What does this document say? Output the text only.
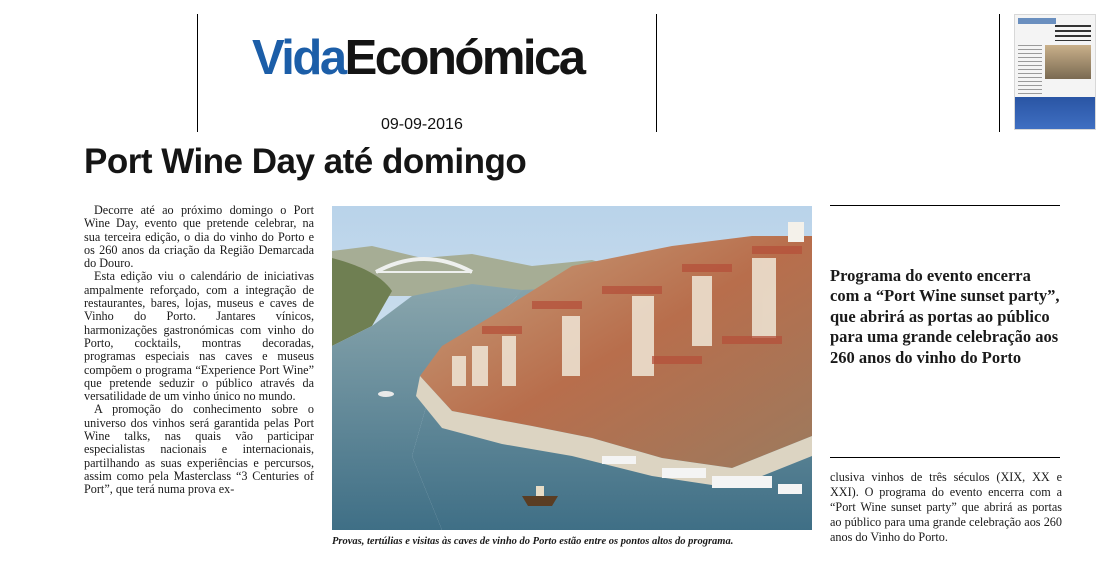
VidaEconómica
09-09-2016
Port Wine Day até domingo

Decorre até ao próximo domingo o Port Wine Day, evento que pretende celebrar, na sua terceira edição, o dia do vinho do Porto e os 260 anos da criação da Região Demarcada do Douro.

Esta edição viu o calendário de iniciativas ampalmente reforçado, com a integração de restaurantes, bares, lojas, museus e caves de Vinho do Porto. Jantares vínicos, harmonizações gastronómicas com vinho do Porto, cocktails, montras decoradas, programas especiais nas caves e museus compõem o programa “Experience Port Wine” que pretende seduzir o público através da versatilidade de um vinho único no mundo.

A promoção do conhecimento sobre o universo dos vinhos será garantida pelas Port Wine talks, nas quais vão participar especialistas nacionais e internacionais, partilhando as suas experiências e percursos, assim como pela Masterclass “3 Centuries of Port”, que terá numa prova ex-

Provas, tertúlias e visitas às caves de vinho do Porto estão entre os pontos altos do programa.

Programa do evento encerra com a “Port Wine sunset party”, que abrirá as portas ao público para uma grande celebração aos 260 anos do vinho do Porto

clusiva vinhos de três séculos (XIX, XX e XXI). O programa do evento encerra com a “Port Wine sunset party” que abrirá as portas ao público para uma grande celebração aos 260 anos do Vinho do Porto.
